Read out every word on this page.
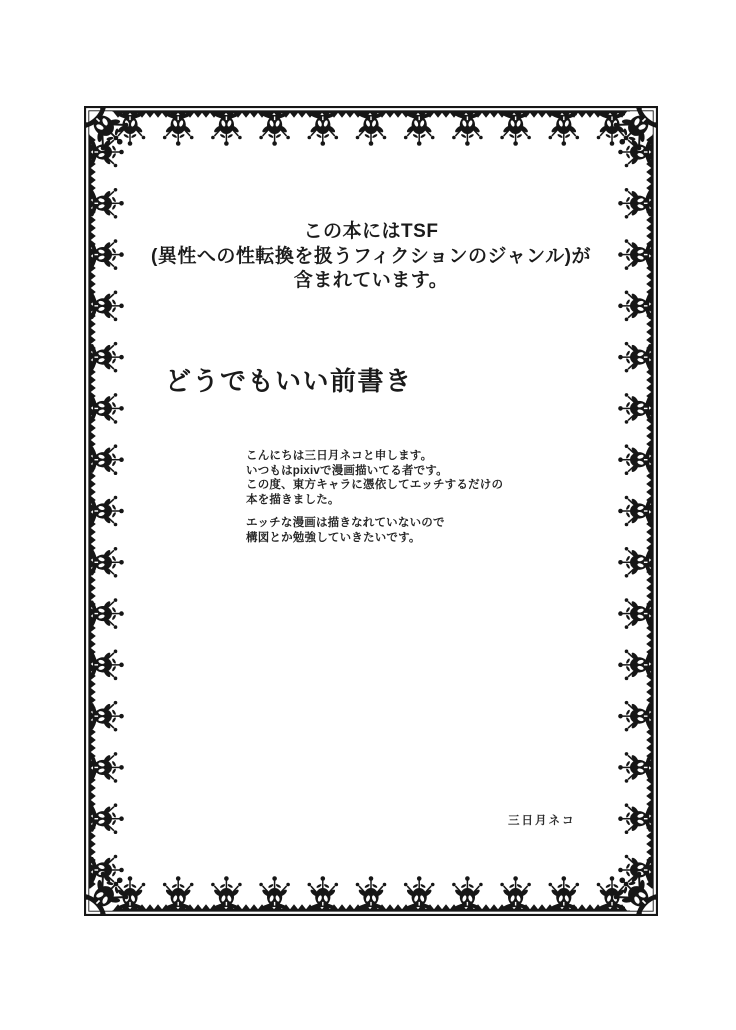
この本にはTSF
(異性への性転換を扱うフィクションのジャンル)が
含まれています。
どうでもいい前書き
こんにちは三日月ネコと申します。
いつもはpixivで漫画描いてる者です。
この度、東方キャラに憑依してエッチするだけの
本を描きました。
エッチな漫画は描きなれていないので
構図とか勉強していきたいです。
三日月ネコ
